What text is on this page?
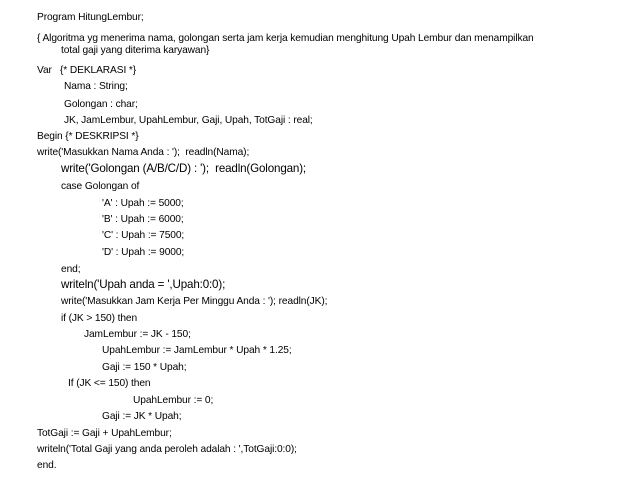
Program HitungLembur;
{ Algoritma yg menerima nama, golongan serta jam kerja kemudian menghitung Upah Lembur dan menampilkan
total gaji yang diterima karyawan}
Var   {* DEKLARASI *}
Nama : String;
Golongan : char;
JK, JamLembur, UpahLembur, Gaji, Upah, TotGaji : real;
Begin {* DESKRIPSI *}
write('Masukkan Nama Anda : ');  readln(Nama);
write('Golongan (A/B/C/D) : ');  readln(Golongan);
case Golongan of
'A' : Upah := 5000;
'B' : Upah := 6000;
'C' : Upah := 7500;
'D' : Upah := 9000;
end;
writeln('Upah anda = ',Upah:0:0);
write('Masukkan Jam Kerja Per Minggu Anda : '); readln(JK);
if (JK > 150) then
JamLembur := JK - 150;
UpahLembur := JamLembur * Upah * 1.25;
Gaji := 150 * Upah;
If (JK <= 150) then
UpahLembur := 0;
Gaji := JK * Upah;
TotGaji := Gaji + UpahLembur;
writeln('Total Gaji yang anda peroleh adalah : ',TotGaji:0:0);
end.
